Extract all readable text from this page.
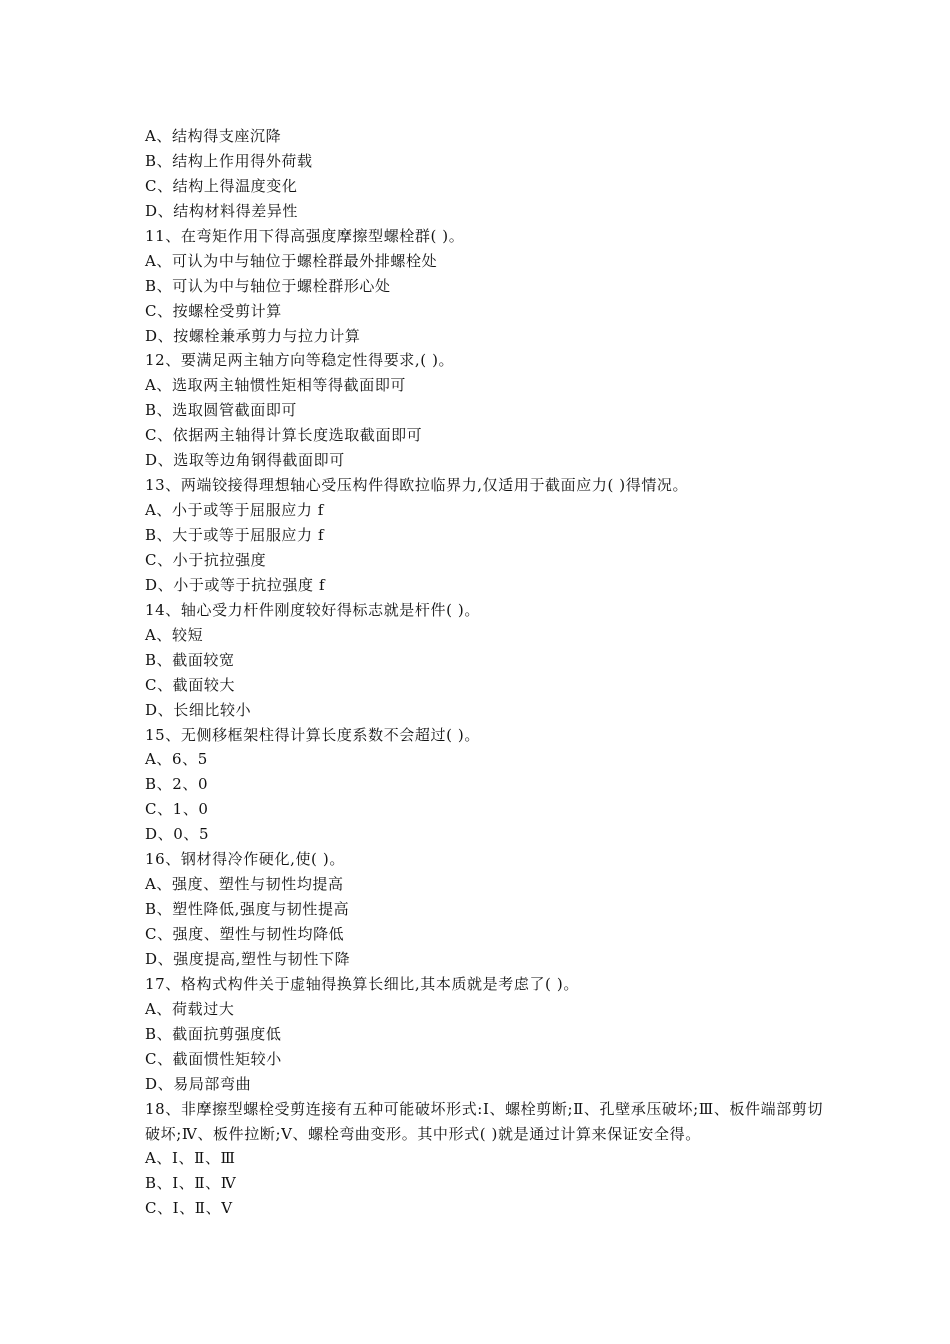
A、结构得支座沉降
B、结构上作用得外荷载
C、结构上得温度变化
D、结构材料得差异性
11、在弯矩作用下得高强度摩擦型螺栓群( )。
A、可认为中与轴位于螺栓群最外排螺栓处
B、可认为中与轴位于螺栓群形心处
C、按螺栓受剪计算
D、按螺栓兼承剪力与拉力计算
12、要满足两主轴方向等稳定性得要求,( )。
A、选取两主轴惯性矩相等得截面即可
B、选取圆管截面即可
C、依据两主轴得计算长度选取截面即可
D、选取等边角钢得截面即可
13、两端铰接得理想轴心受压构件得欧拉临界力,仅适用于截面应力( )得情况。
A、小于或等于屈服应力 f
B、大于或等于屈服应力 f
C、小于抗拉强度
D、小于或等于抗拉强度 f
14、轴心受力杆件刚度较好得标志就是杆件( )。
A、较短
B、截面较宽
C、截面较大
D、长细比较小
15、无侧移框架柱得计算长度系数不会超过( )。
A、6、5
B、2、0
C、1、0
D、0、5
16、钢材得冷作硬化,使( )。
A、强度、塑性与韧性均提高
B、塑性降低,强度与韧性提高
C、强度、塑性与韧性均降低
D、强度提高,塑性与韧性下降
17、格构式构件关于虚轴得换算长细比,其本质就是考虑了( )。
A、荷载过大
B、截面抗剪强度低
C、截面惯性矩较小
D、易局部弯曲
18、非摩擦型螺栓受剪连接有五种可能破坏形式:Ⅰ、螺栓剪断;Ⅱ、孔壁承压破坏;Ⅲ、板件端部剪切破坏;Ⅳ、板件拉断;Ⅴ、螺栓弯曲变形。其中形式( )就是通过计算来保证安全得。
A、Ⅰ、Ⅱ、Ⅲ
B、Ⅰ、Ⅱ、Ⅳ
C、Ⅰ、Ⅱ、Ⅴ
